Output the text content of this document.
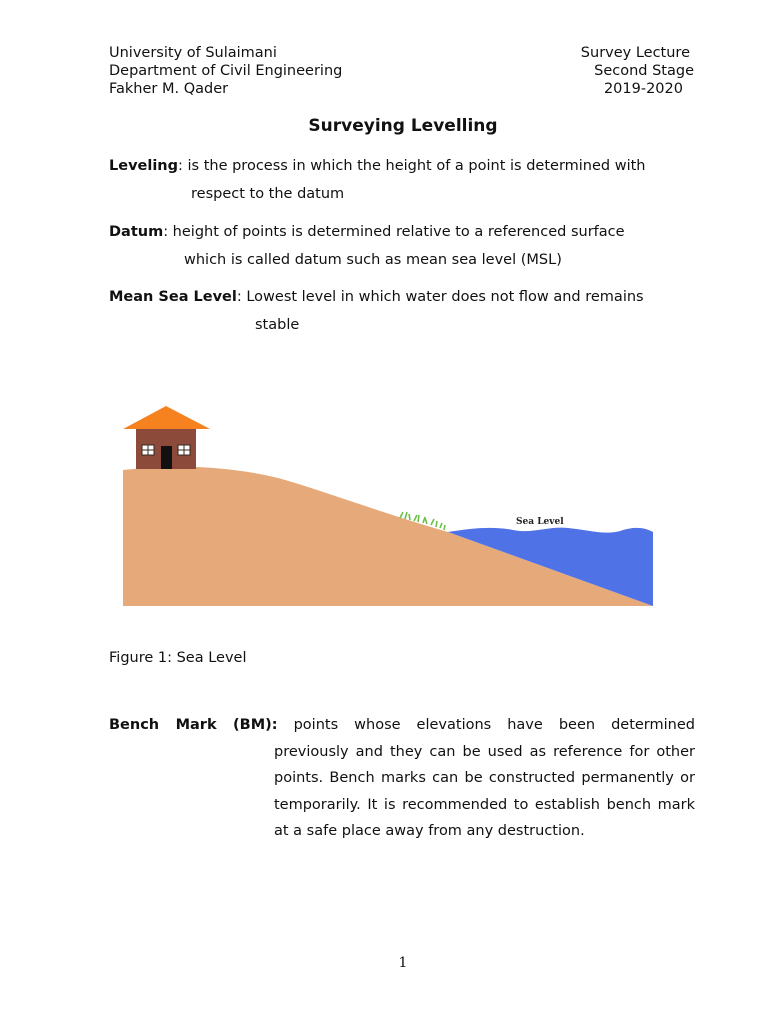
University of Sulaimani
Department of Civil Engineering
Fakher M. Qader
Survey Lecture
Second Stage
2019-2020
Surveying Levelling
Leveling: is the process in which the height of a point is determined with
respect to the datum
Datum: height of points is determined relative to a referenced surface
which is called datum such as mean sea level (MSL)
Mean Sea Level: Lowest level in which water does not flow and remains
stable
Sea Level
Figure 1: Sea Level
Bench Mark (BM): points whose elevations have been determined
previously and they can be used as reference for other points. Bench marks can be constructed permanently or temporarily. It is recommended to establish bench mark at a safe place away from any destruction.
1
